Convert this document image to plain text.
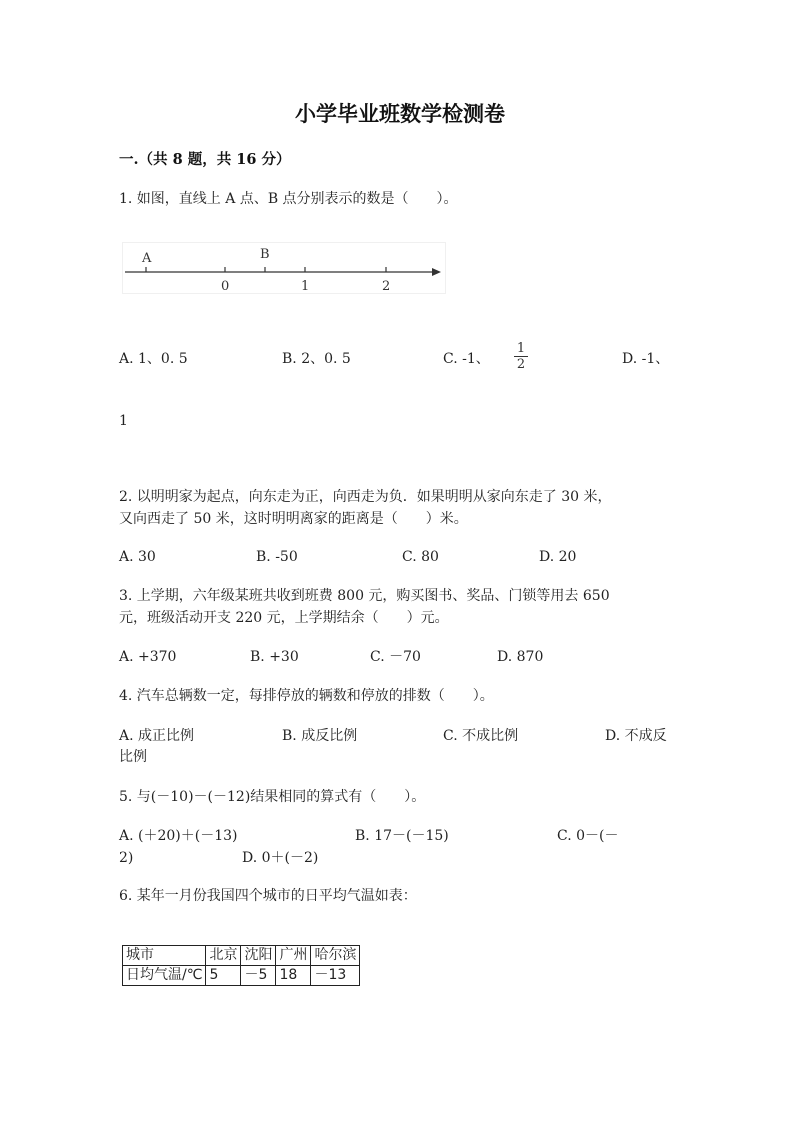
小学毕业班数学检测卷
一.（共 8 题，共 16 分）
1. 如图，直线上 A 点、B 点分别表示的数是（　　）。
A	B
0	1	2
A. 1、0. 5	B. 2、0. 5	C. -1、
1
2	D. -1、
1
2. 以明明家为起点，向东走为正，向西走为负．如果明明从家向东走了 30 米，
又向西走了 50 米，这时明明离家的距离是（　　）米。
A. 30	B. -50	C. 80	D. 20
3. 上学期，六年级某班共收到班费 800 元，购买图书、奖品、门锁等用去 650
元，班级活动开支 220 元，上学期结余（　　）元。
A. +370	B. +30	C. －70	D. 870
4. 汽车总辆数一定，每排停放的辆数和停放的排数（　　）。
A. 成正比例	B. 成反比例	C. 不成比例	D. 不成反
比例
5. 与(－10)－(－12)结果相同的算式有（　　）。
A. (＋20)＋(－13)	B. 17－(－15)	C. 0－(－
2)	D. 0＋(－2)
6. 某年一月份我国四个城市的日平均气温如表：
城市	北京	沈阳	广州	哈尔滨
日均气温/℃	5	－5	18	－13
